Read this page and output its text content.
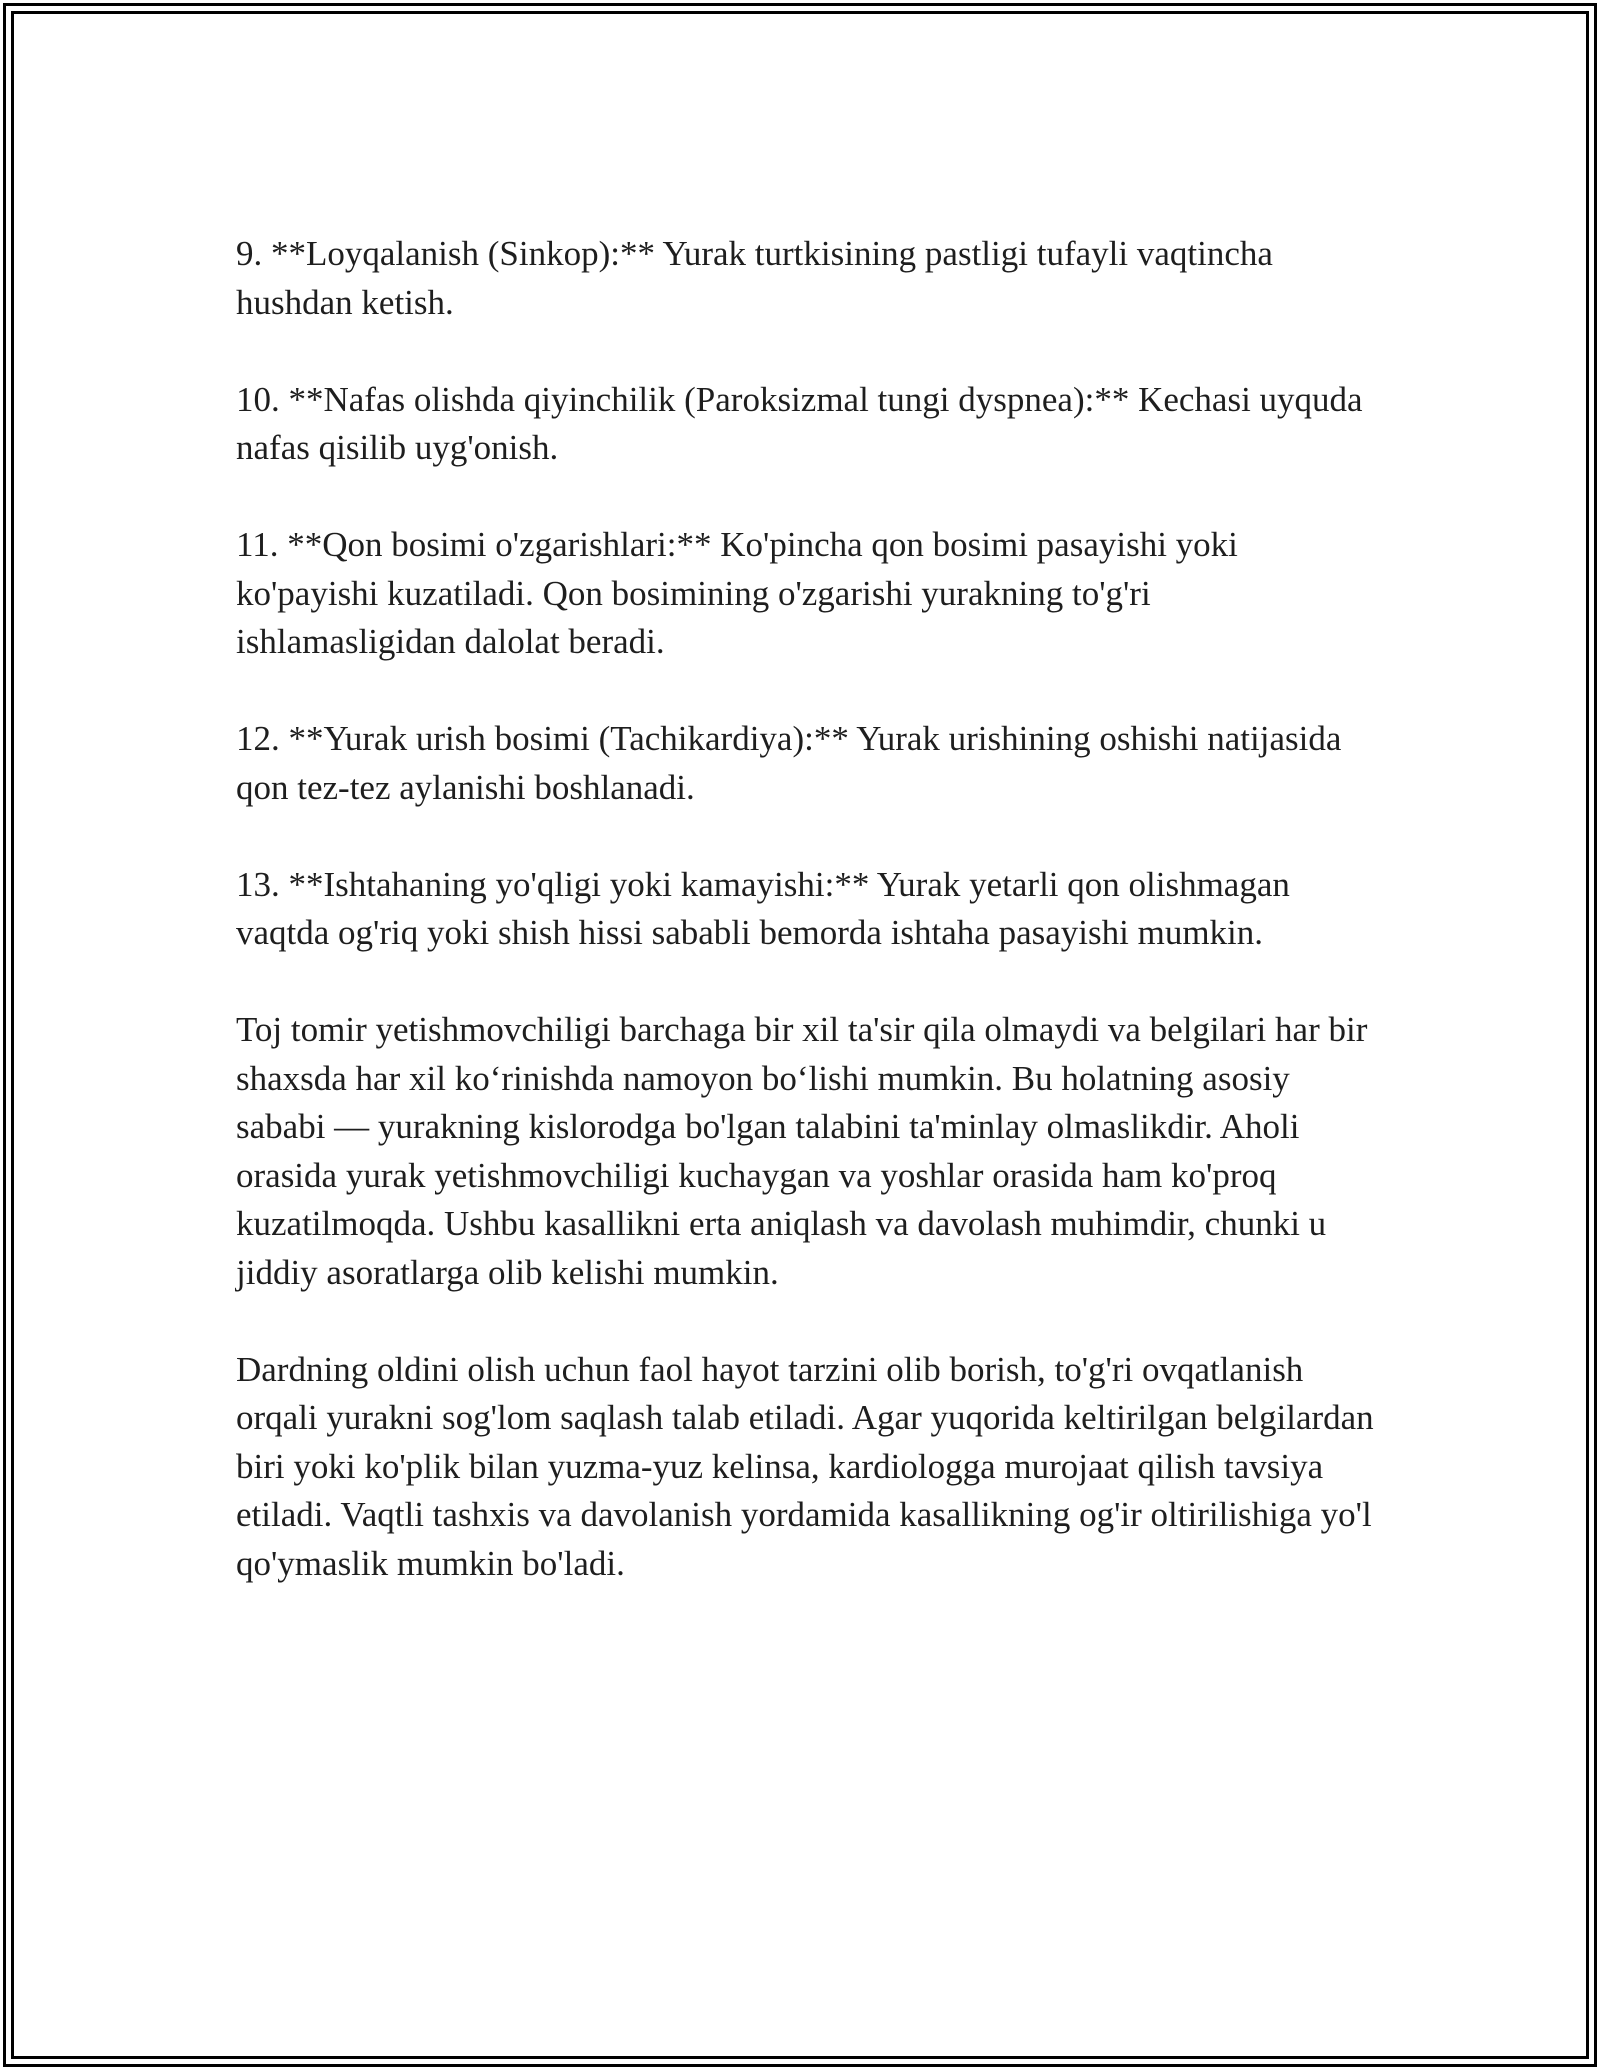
9. **Loyqalanish (Sinkop):** Yurak turtkisining pastligi tufayli vaqtincha hushdan ketish.

10. **Nafas olishda qiyinchilik (Paroksizmal tungi dyspnea):** Kechasi uyquda nafas qisilib uyg'onish.

11. **Qon bosimi o'zgarishlari:** Ko'pincha qon bosimi pasayishi yoki ko'payishi kuzatiladi. Qon bosimining o'zgarishi yurakning to'g'ri ishlamasligidan dalolat beradi.

12. **Yurak urish bosimi (Tachikardiya):** Yurak urishining oshishi natijasida qon tez-tez aylanishi boshlanadi.

13. **Ishtahaning yo'qligi yoki kamayishi:** Yurak yetarli qon olishmagan vaqtda og'riq yoki shish hissi sababli bemorda ishtaha pasayishi mumkin.

Toj tomir yetishmovchiligi barchaga bir xil ta'sir qila olmaydi va belgilari har bir shaxsda har xil ko‘rinishda namoyon bo‘lishi mumkin. Bu holatning asosiy sababi — yurakning kislorodga bo'lgan talabini ta'minlay olmaslikdir. Aholi orasida yurak yetishmovchiligi kuchaygan va yoshlar orasida ham ko'proq kuzatilmoqda. Ushbu kasallikni erta aniqlash va davolash muhimdir, chunki u jiddiy asoratlarga olib kelishi mumkin.

Dardning oldini olish uchun faol hayot tarzini olib borish, to'g'ri ovqatlanish orqali yurakni sog'lom saqlash talab etiladi. Agar yuqorida keltirilgan belgilardan biri yoki ko'plik bilan yuzma-yuz kelinsa, kardiologga murojaat qilish tavsiya etiladi. Vaqtli tashxis va davolanish yordamida kasallikning og'ir oltirilishiga yo'l qo'ymaslik mumkin bo'ladi.
